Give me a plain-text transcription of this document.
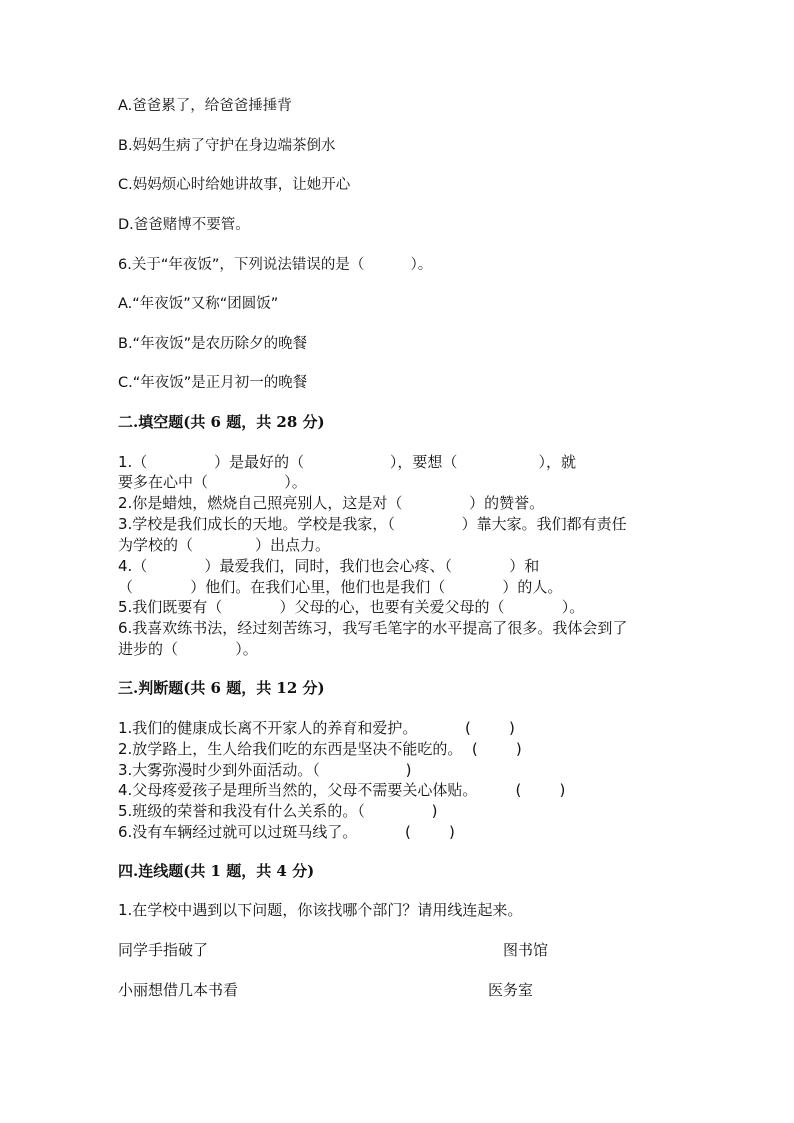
A.爸爸累了，给爸爸捶捶背
B.妈妈生病了守护在身边端茶倒水
C.妈妈烦心时给她讲故事，让她开心
D.爸爸赌博不要管。
6.关于“年夜饭”，下列说法错误的是（          ）。
A.“年夜饭”又称“团圆饭”
B.“年夜饭”是农历除夕的晚餐
C.“年夜饭”是正月初一的晚餐
二.填空题(共 6 题，共 28 分)
1.（              ）是最好的（                  ），要想（                 ），就
要多在心中（                ）。
2.你是蜡烛，燃烧自己照亮别人，这是对（              ）的赞誉。
3.学校是我们成长的天地。学校是我家，（              ）靠大家。我们都有责任
为学校的（             ）出点力。
4.（            ）最爱我们，同时，我们也会心疼、（            ）和
（            ）他们。在我们心里，他们也是我们（            ）的人。
5.我们既要有（            ）父母的心，也要有关爱父母的（            ）。
6.我喜欢练书法，经过刻苦练习，我写毛笔字的水平提高了很多。我体会到了
进步的（            ）。
三.判断题(共 6 题，共 12 分)
1.我们的健康成长离不开家人的养育和爱护。          (        )
2.放学路上，生人给我们吃的东西是坚决不能吃的。  (        )
3.大雾弥漫时少到外面活动。（                  )
4.父母疼爱孩子是理所当然的，父母不需要关心体贴。        (        )
5.班级的荣誉和我没有什么关系的。（              )
6.没有车辆经过就可以过斑马线了。          (        )
四.连线题(共 1 题，共 4 分)
1.在学校中遇到以下问题，你该找哪个部门？请用线连起来。
同学手指破了	图书馆
小丽想借几本书看	医务室
